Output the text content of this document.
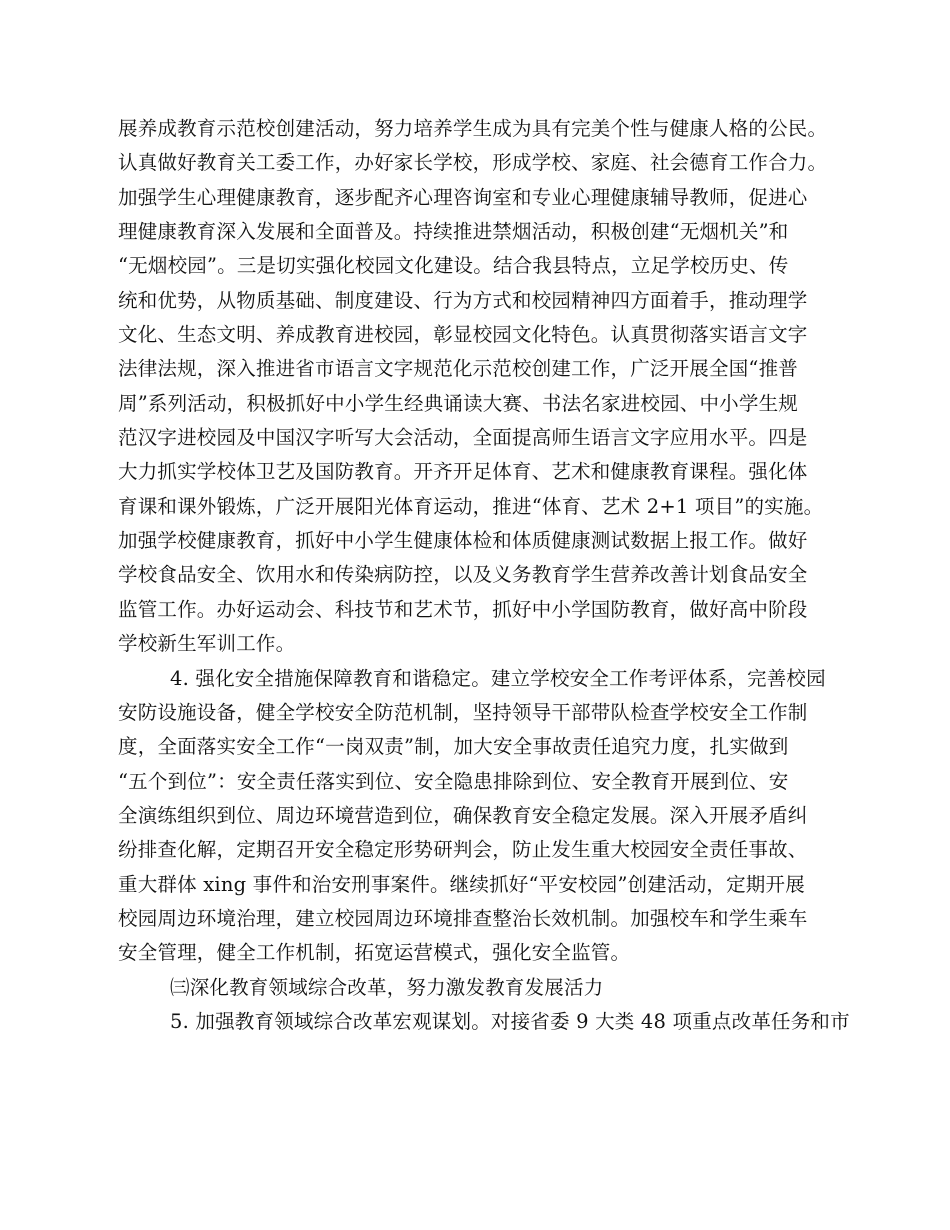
展养成教育示范校创建活动，努力培养学生成为具有完美个性与健康人格的公民。
认真做好教育关工委工作，办好家长学校，形成学校、家庭、社会德育工作合力。
加强学生心理健康教育，逐步配齐心理咨询室和专业心理健康辅导教师，促进心
理健康教育深入发展和全面普及。持续推进禁烟活动，积极创建“无烟机关”和
“无烟校园”。三是切实强化校园文化建设。结合我县特点，立足学校历史、传
统和优势，从物质基础、制度建设、行为方式和校园精神四方面着手，推动理学
文化、生态文明、养成教育进校园，彰显校园文化特色。认真贯彻落实语言文字
法律法规，深入推进省市语言文字规范化示范校创建工作，广泛开展全国“推普
周”系列活动，积极抓好中小学生经典诵读大赛、书法名家进校园、中小学生规
范汉字进校园及中国汉字听写大会活动，全面提高师生语言文字应用水平。四是
大力抓实学校体卫艺及国防教育。开齐开足体育、艺术和健康教育课程。强化体
育课和课外锻炼，广泛开展阳光体育运动，推进“体育、艺术 2+1 项目”的实施。
加强学校健康教育，抓好中小学生健康体检和体质健康测试数据上报工作。做好
学校食品安全、饮用水和传染病防控，以及义务教育学生营养改善计划食品安全
监管工作。办好运动会、科技节和艺术节，抓好中小学国防教育，做好高中阶段
学校新生军训工作。
4. 强化安全措施保障教育和谐稳定。建立学校安全工作考评体系，完善校园
安防设施设备，健全学校安全防范机制，坚持领导干部带队检查学校安全工作制
度，全面落实安全工作“一岗双责”制，加大安全事故责任追究力度，扎实做到
“五个到位”：安全责任落实到位、安全隐患排除到位、安全教育开展到位、安
全演练组织到位、周边环境营造到位，确保教育安全稳定发展。深入开展矛盾纠
纷排查化解，定期召开安全稳定形势研判会，防止发生重大校园安全责任事故、
重大群体 xing 事件和治安刑事案件。继续抓好“平安校园”创建活动，定期开展
校园周边环境治理，建立校园周边环境排查整治长效机制。加强校车和学生乘车
安全管理，健全工作机制，拓宽运营模式，强化安全监管。
㈢深化教育领域综合改革，努力激发教育发展活力
5. 加强教育领域综合改革宏观谋划。对接省委 9 大类 48 项重点改革任务和市
